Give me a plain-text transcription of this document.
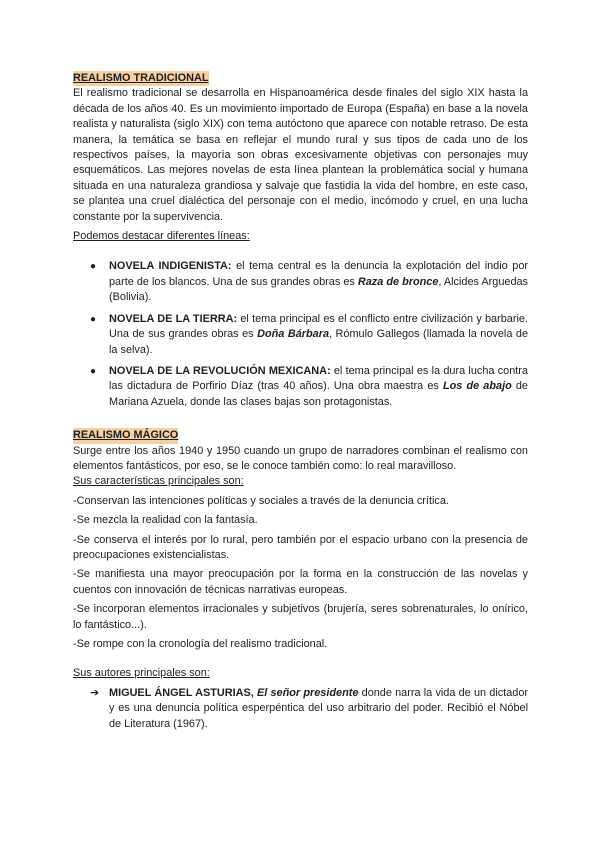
REALISMO TRADICIONAL

El realismo tradicional se desarrolla en Hispanoamérica desde finales del siglo XIX hasta la década de los años 40. Es un movimiento importado de Europa (España) en base a la novela realista y naturalista (siglo XIX) con tema autóctono que aparece con notable retraso. De esta manera, la temática se basa en reflejar el mundo rural y sus tipos de cada uno de los respectivos países, la mayoría son obras excesivamente objetivas con personajes muy esquemáticos. Las mejores novelas de esta línea plantean la problemática social y humana situada en una naturaleza grandiosa y salvaje que fastidia la vida del hombre, en este caso, se plantea una cruel dialéctica del personaje con el medio, incómodo y cruel, en una lucha constante por la supervivencia.

Podemos destacar diferentes líneas:

● NOVELA INDIGENISTA: el tema central es la denuncia la explotación del indio por parte de los blancos. Una de sus grandes obras es Raza de bronce, Alcides Arguedas (Bolivia).
● NOVELA DE LA TIERRA: el tema principal es el conflicto entre civilización y barbarie. Una de sus grandes obras es Doña Bárbara, Rómulo Gallegos (llamada la novela de la selva).
● NOVELA DE LA REVOLUCIÓN MEXICANA: el tema principal es la dura lucha contra las dictadura de Porfirio Díaz (tras 40 años). Una obra maestra es Los de abajo de Mariana Azuela, donde las clases bajas son protagonistas.

REALISMO MÁGICO

Surge entre los años 1940 y 1950 cuando un grupo de narradores combinan el realismo con elementos fantásticos, por eso, se le conoce también como: lo real maravilloso.

Sus características principales son:

-Conservan las intenciones políticas y sociales a través de la denuncia crítica.

-Se mezcla la realidad con la fantasía.

-Se conserva el interés por lo rural, pero también por el espacio urbano con la presencia de preocupaciones existencialistas.

-Se manifiesta una mayor preocupación por la forma en la construcción de las novelas y cuentos con innovación de técnicas narrativas europeas.

-Se incorporan elementos irracionales y subjetivos (brujería, seres sobrenaturales, lo onírico, lo fantástico...).

-Se rompe con la cronología del realismo tradicional.

Sus autores principales son:

➔ MIGUEL ÁNGEL ASTURIAS, El señor presidente donde narra la vida de un dictador y es una denuncia política esperpéntica del uso arbitrario del poder. Recibió el Nóbel de Literatura (1967).
